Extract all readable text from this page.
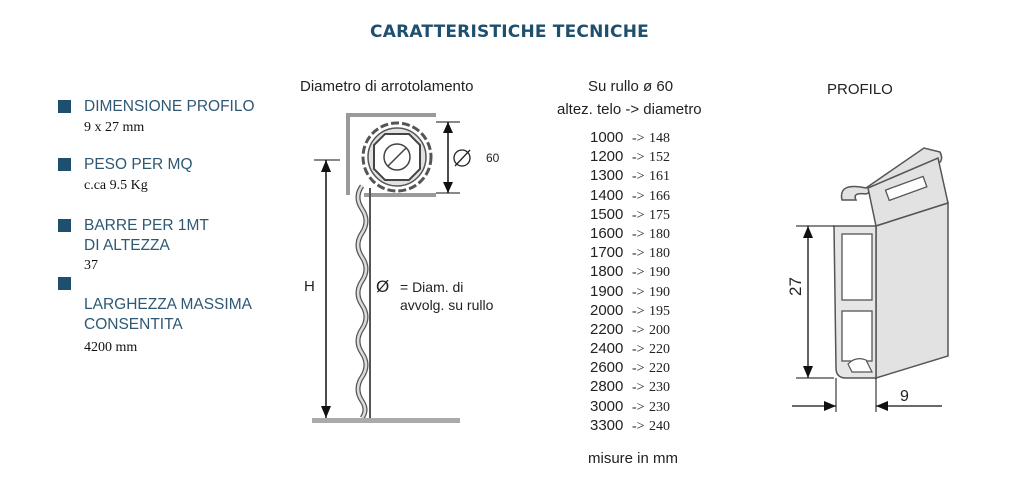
CARATTERISTICHE TECNICHE
DIMENSIONE PROFILO
9 x 27 mm
PESO PER MQ
c.ca 9.5 Kg
BARRE PER 1MT
DI ALTEZZA
37
LARGHEZZA MASSIMA
CONSENTITA
4200 mm
Diametro di arrotolamento
60
H	Ø = Diam. di
avvolg. su rullo
Su rullo ø 60
altez. telo -> diametro
1000 -> 148
1200 -> 152
1300 -> 161
1400 -> 166
1500 -> 175
1600 -> 180
1700 -> 180
1800 -> 190
1900 -> 190
2000 -> 195
2200 -> 200
2400 -> 220
2600 -> 220
2800 -> 230
3000 -> 230
3300 -> 240
misure in mm
PROFILO
27
9
